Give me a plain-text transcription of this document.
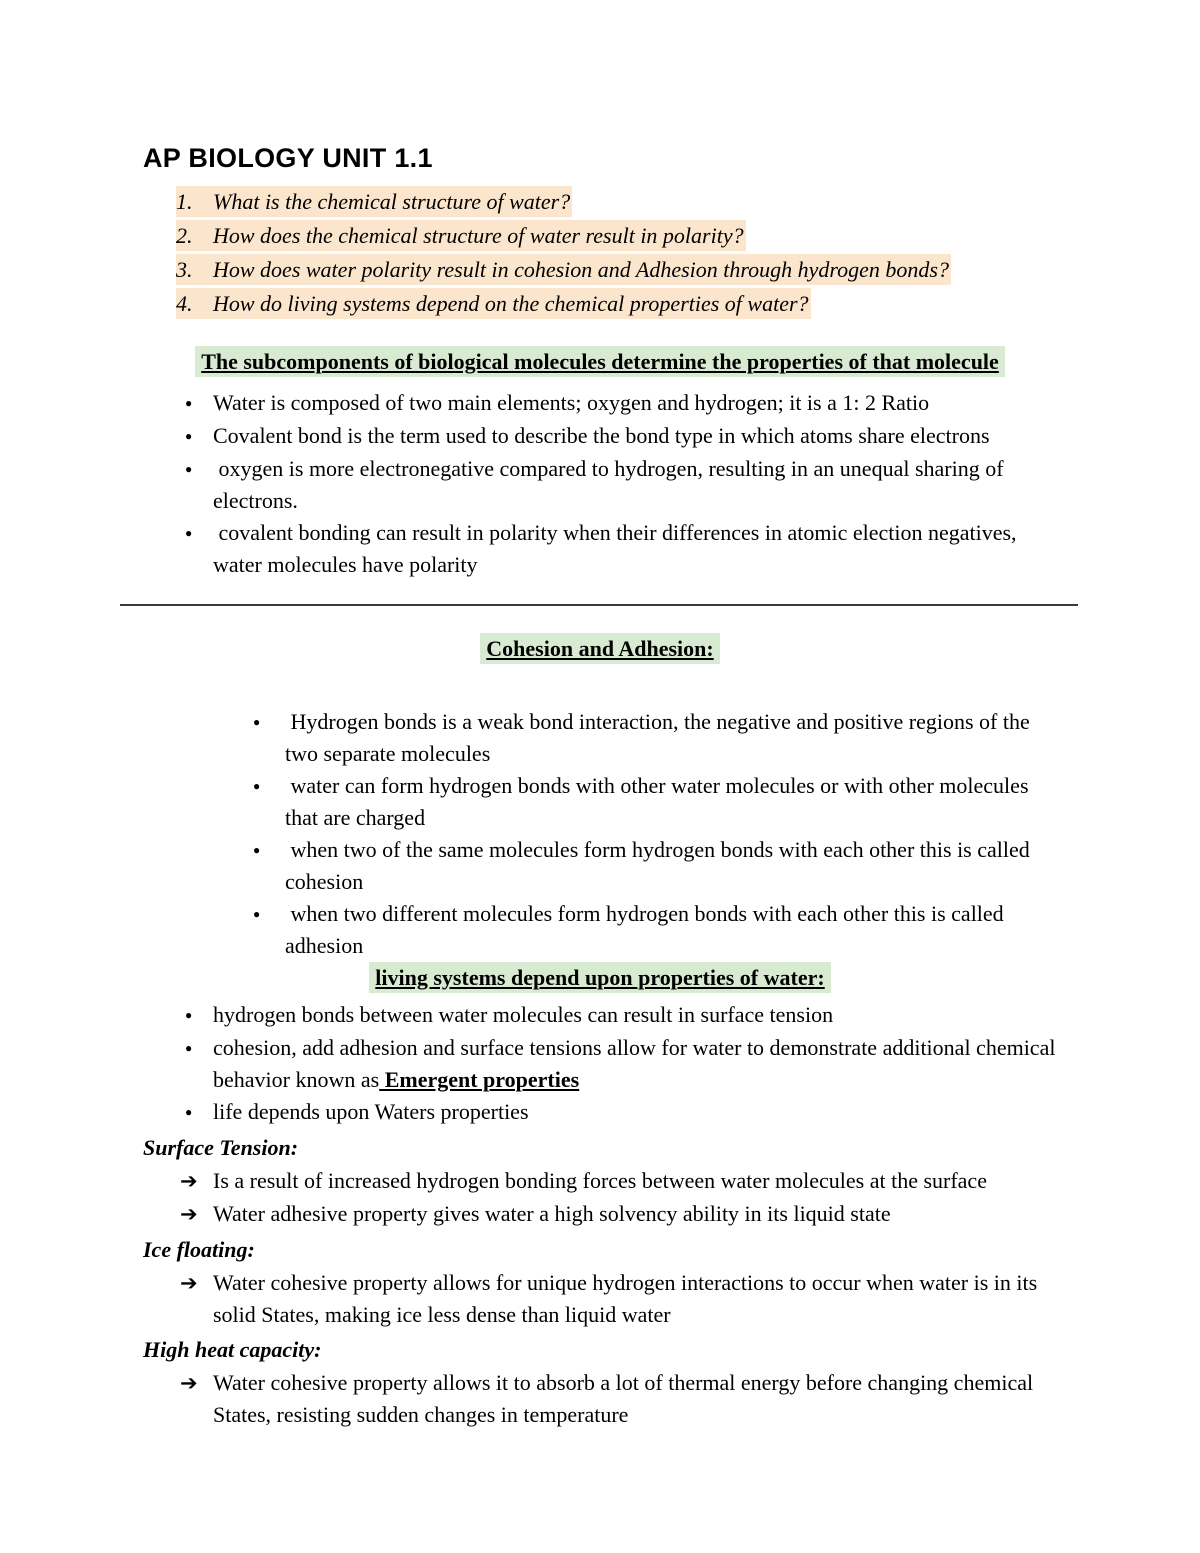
AP BIOLOGY UNIT 1.1
1. What is the chemical structure of water?
2. How does the chemical structure of water result in polarity?
3. How does water polarity result in cohesion and Adhesion through hydrogen bonds?
4. How do living systems depend on the chemical properties of water?
The subcomponents of biological molecules determine the properties of that molecule
● Water is composed of two main elements; oxygen and hydrogen; it is a 1: 2 Ratio
● Covalent bond is the term used to describe the bond type in which atoms share electrons
● oxygen is more electronegative compared to hydrogen, resulting in an unequal sharing of electrons.
● covalent bonding can result in polarity when their differences in atomic election negatives, water molecules have polarity
Cohesion and Adhesion:
● Hydrogen bonds is a weak bond interaction, the negative and positive regions of the two separate molecules
● water can form hydrogen bonds with other water molecules or with other molecules that are charged
● when two of the same molecules form hydrogen bonds with each other this is called cohesion
● when two different molecules form hydrogen bonds with each other this is called adhesion
living systems depend upon properties of water:
● hydrogen bonds between water molecules can result in surface tension
● cohesion, add adhesion and surface tensions allow for water to demonstrate additional chemical behavior known as Emergent properties
● life depends upon Waters properties
Surface Tension:
➔ Is a result of increased hydrogen bonding forces between water molecules at the surface
➔ Water adhesive property gives water a high solvency ability in its liquid state
Ice floating:
➔ Water cohesive property allows for unique hydrogen interactions to occur when water is in its solid States, making ice less dense than liquid water
High heat capacity:
➔ Water cohesive property allows it to absorb a lot of thermal energy before changing chemical States, resisting sudden changes in temperature
